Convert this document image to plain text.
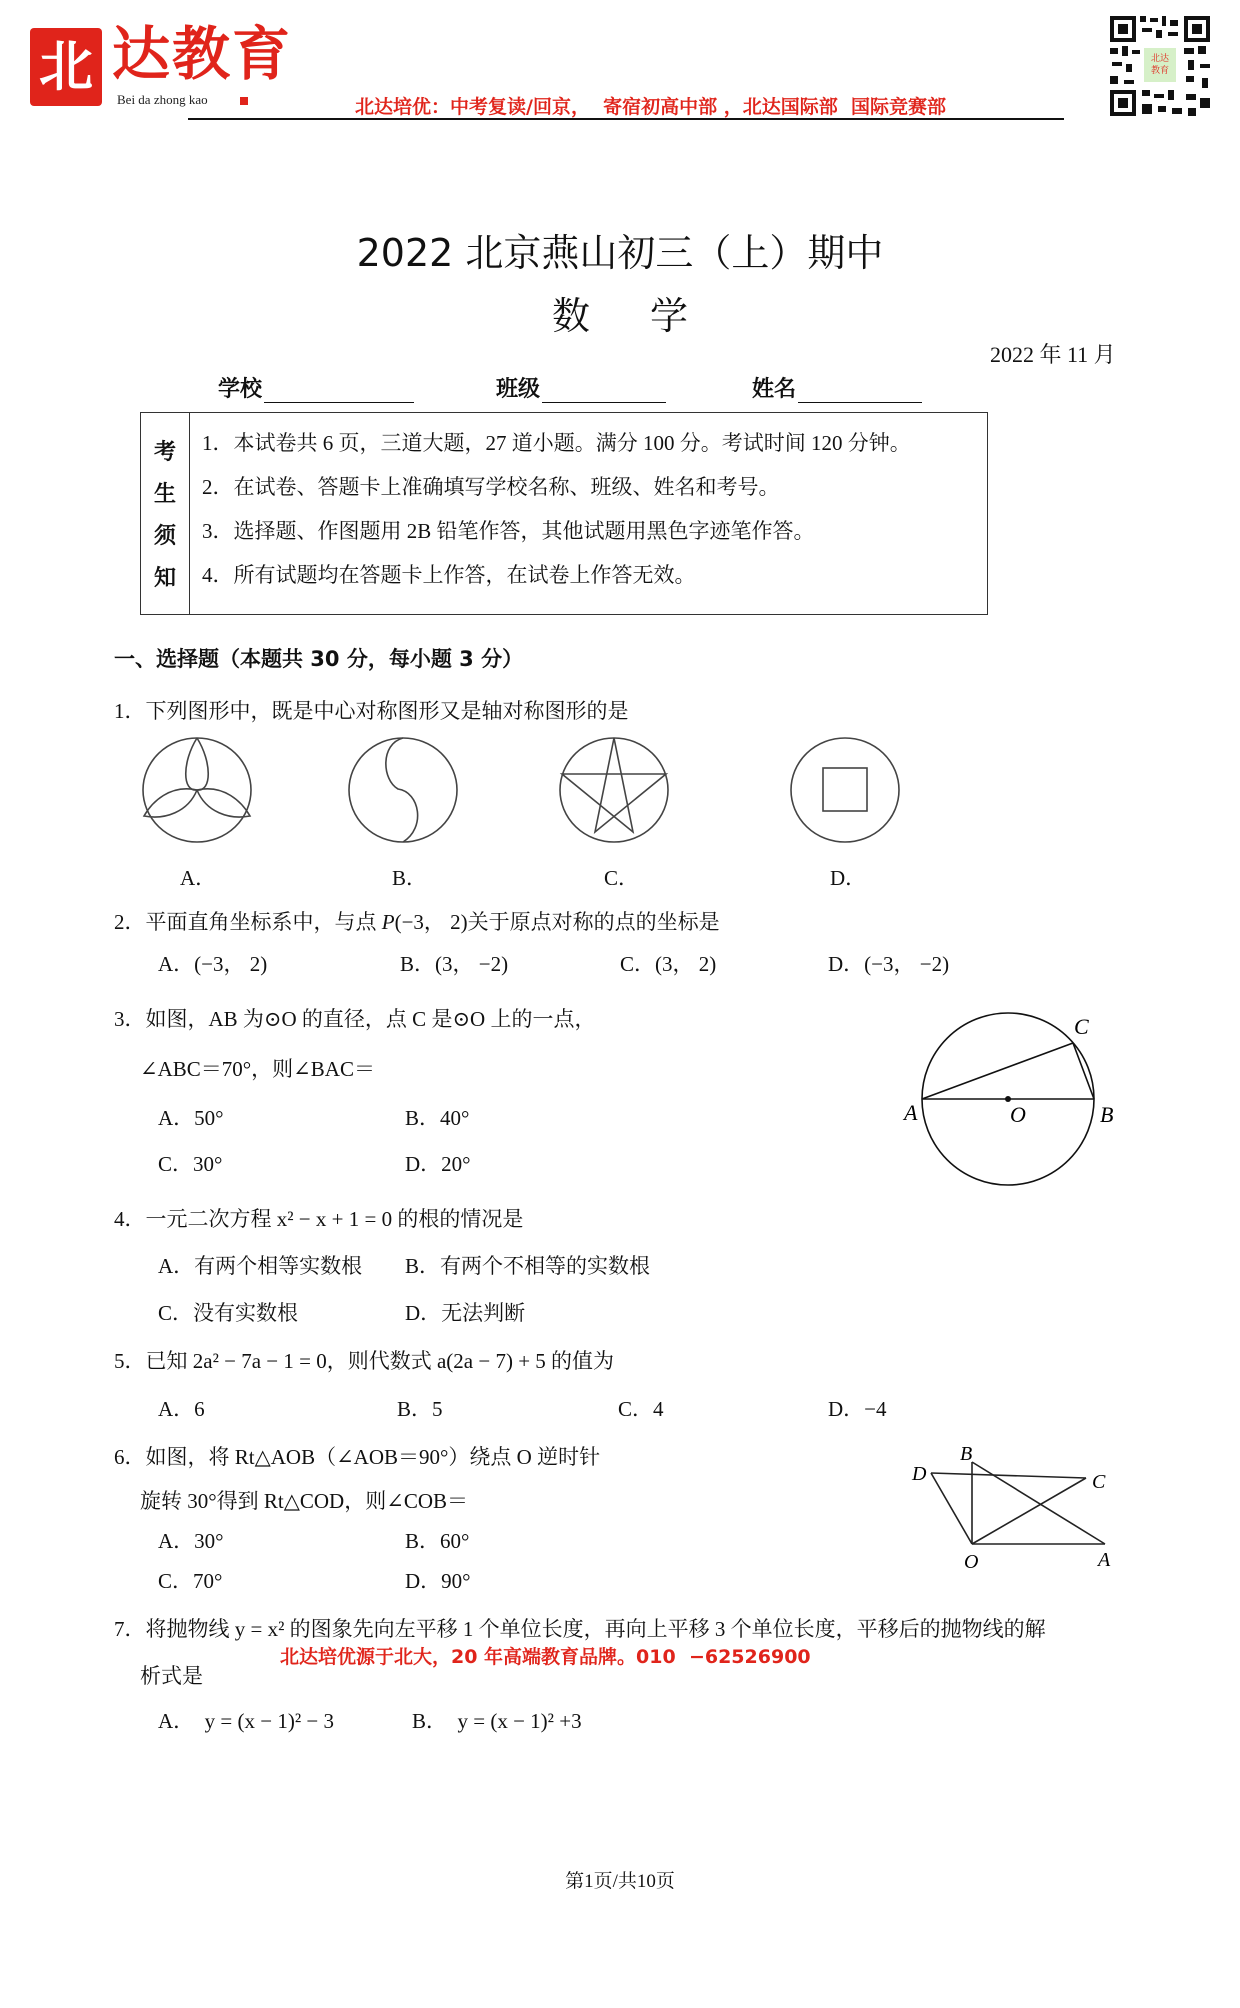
北 达教育
Bei da zhong kao	北达培优：中考复读/回京，  寄宿初高中部 ，北达国际部  国际竞赛部
北达教育
2022 北京燕山初三（上）期中
数学
2022 年 11 月
学校	班级	姓名
考
生
须
知
1．本试卷共 6 页，三道大题，27 道小题。满分 100 分。考试时间 120 分钟。
2．在试卷、答题卡上准确填写学校名称、班级、姓名和考号。
3．选择题、作图题用 2B 铅笔作答，其他试题用黑色字迹笔作答。
4．所有试题均在答题卡上作答，在试卷上作答无效。
一、选择题（本题共 30 分，每小题 3 分）
1．下列图形中，既是中心对称图形又是轴对称图形的是
A．	B．	C．	D．
2．平面直角坐标系中，与点 P(−3， 2)关于原点对称的点的坐标是
A．(−3， 2)	B．(3， −2)	C．(3， 2)	D．(−3， −2)
3．如图，AB 为⊙O 的直径，点 C 是⊙O 上的一点，
∠ABC＝70°，则∠BAC＝
A．50°	B．40°
C．30°	D．20°
A	B
C
O
4．一元二次方程 x² − x + 1 = 0 的根的情况是
A．有两个相等实数根 B．有两个不相等的实数根
C．没有实数根	D．无法判断
5．已知 2a² − 7a − 1 = 0，则代数式 a(2a − 7) + 5 的值为
A．6	B．5	C．4	D．−4
6．如图，将 Rt△AOB（∠AOB＝90°）绕点 O 逆时针
旋转 30°得到 Rt△COD，则∠COB＝
A．30°	B．60°
C．70°	D．90°
B
D	C
O	A
7．将抛物线 y = x² 的图象先向左平移 1 个单位长度，再向上平移 3 个单位长度，平移后的抛物线的解
北达培优源于北大，20 年高端教育品牌。010  −62526900
析式是
A．  y = (x − 1)² − 3	B．  y = (x − 1)² +3
第1页/共10页
